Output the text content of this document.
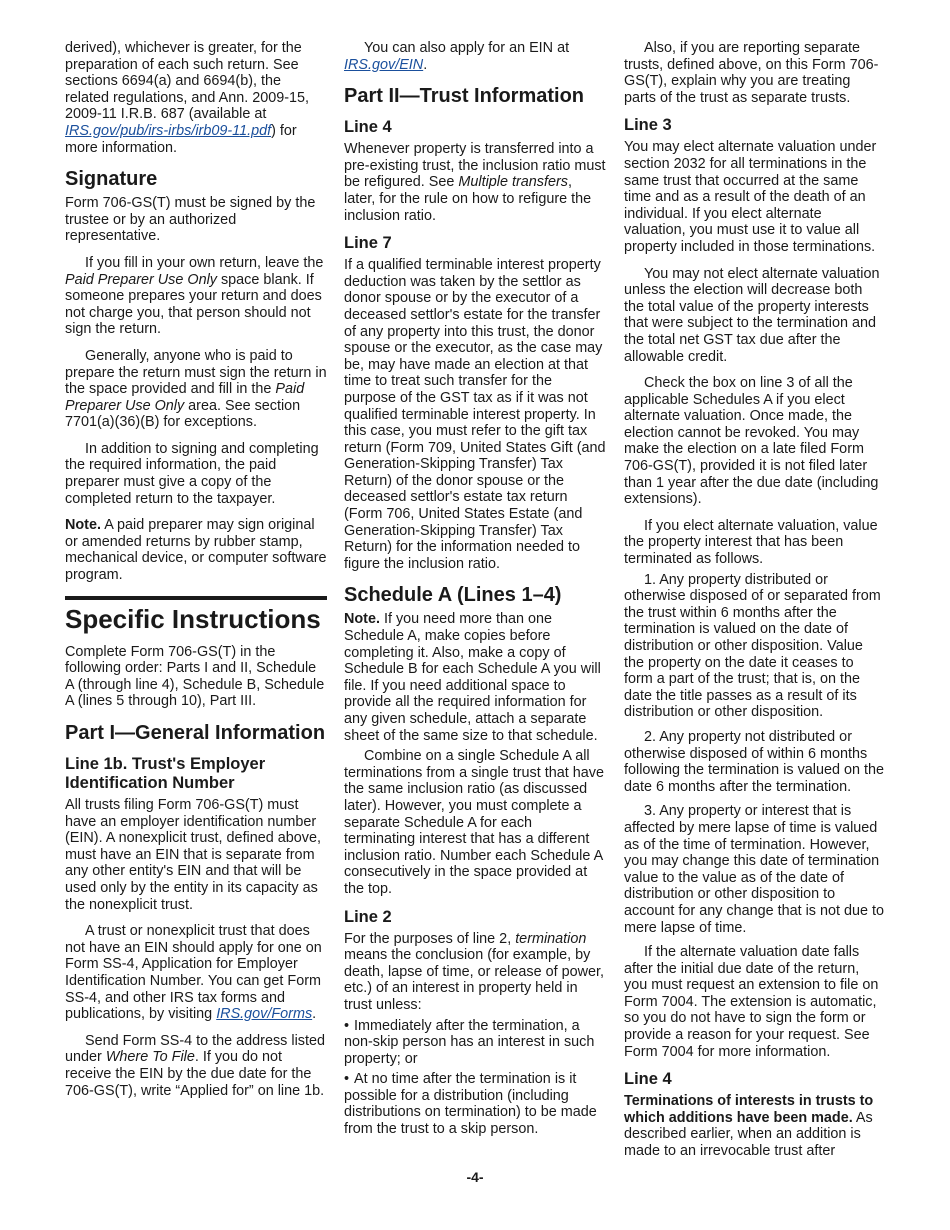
derived), whichever is greater, for the preparation of each such return. See sections 6694(a) and 6694(b), the related regulations, and Ann. 2009-15, 2009-11 I.R.B. 687 (available at IRS.gov/pub/irs-irbs/irb09-11.pdf) for more information.

Signature

Form 706-GS(T) must be signed by the trustee or by an authorized representative.

If you fill in your own return, leave the Paid Preparer Use Only space blank. If someone prepares your return and does not charge you, that person should not sign the return.

Generally, anyone who is paid to prepare the return must sign the return in the space provided and fill in the Paid Preparer Use Only area. See section 7701(a)(36)(B) for exceptions.

In addition to signing and completing the required information, the paid preparer must give a copy of the completed return to the taxpayer.

Note. A paid preparer may sign original or amended returns by rubber stamp, mechanical device, or computer software program.

Specific Instructions

Complete Form 706-GS(T) in the following order: Parts I and II, Schedule A (through line 4), Schedule B, Schedule A (lines 5 through 10), Part III.

Part I—General Information
Line 1b. Trust's Employer Identification Number

All trusts filing Form 706-GS(T) must have an employer identification number (EIN). A nonexplicit trust, defined above, must have an EIN that is separate from any other entity's EIN and that will be used only by the entity in its capacity as the nonexplicit trust.

A trust or nonexplicit trust that does not have an EIN should apply for one on Form SS-4, Application for Employer Identification Number. You can get Form SS-4, and other IRS tax forms and publications, by visiting IRS.gov/Forms.

Send Form SS-4 to the address listed under Where To File. If you do not receive the EIN by the due date for the 706-GS(T), write “Applied for” on line 1b.

You can also apply for an EIN at IRS.gov/EIN.

Part II—Trust Information
Line 4

Whenever property is transferred into a pre-existing trust, the inclusion ratio must be refigured. See Multiple transfers, later, for the rule on how to refigure the inclusion ratio.

Line 7

If a qualified terminable interest property deduction was taken by the settlor as donor spouse or by the executor of a deceased settlor's estate for the transfer of any property into this trust, the donor spouse or the executor, as the case may be, may have made an election at that time to treat such transfer for the purpose of the GST tax as if it was not qualified terminable interest property. In this case, you must refer to the gift tax return (Form 709, United States Gift (and Generation-Skipping Transfer) Tax Return) of the donor spouse or the deceased settlor's estate tax return (Form 706, United States Estate (and Generation-Skipping Transfer) Tax Return) for the information needed to figure the inclusion ratio.

Schedule A (Lines 1–4)

Note. If you need more than one Schedule A, make copies before completing it. Also, make a copy of Schedule B for each Schedule A you will file. If you need additional space to provide all the required information for any given schedule, attach a separate sheet of the same size to that schedule.

Combine on a single Schedule A all terminations from a single trust that have the same inclusion ratio (as discussed later). However, you must complete a separate Schedule A for each terminating interest that has a different inclusion ratio. Number each Schedule A consecutively in the space provided at the top.

Line 2

For the purposes of line 2, termination means the conclusion (for example, by death, lapse of time, or release of power, etc.) of an interest in property held in trust unless:

• Immediately after the termination, a non-skip person has an interest in such property; or

• At no time after the termination is it possible for a distribution (including distributions on termination) to be made from the trust to a skip person.

Also, if you are reporting separate trusts, defined above, on this Form 706-GS(T), explain why you are treating parts of the trust as separate trusts.

Line 3

You may elect alternate valuation under section 2032 for all terminations in the same trust that occurred at the same time and as a result of the death of an individual. If you elect alternate valuation, you must use it to value all property included in those terminations.

You may not elect alternate valuation unless the election will decrease both the total value of the property interests that were subject to the termination and the total net GST tax due after the allowable credit.

Check the box on line 3 of all the applicable Schedules A if you elect alternate valuation. Once made, the election cannot be revoked. You may make the election on a late filed Form 706-GS(T), provided it is not filed later than 1 year after the due date (including extensions).

If you elect alternate valuation, value the property interest that has been terminated as follows.

1. Any property distributed or otherwise disposed of or separated from the trust within 6 months after the termination is valued on the date of distribution or other disposition. Value the property on the date it ceases to form a part of the trust; that is, on the date the title passes as a result of its distribution or other disposition.

2. Any property not distributed or otherwise disposed of within 6 months following the termination is valued on the date 6 months after the termination.

3. Any property or interest that is affected by mere lapse of time is valued as of the time of termination. However, you may change this date of termination value to the value as of the date of distribution or other disposition to account for any change that is not due to mere lapse of time.

If the alternate valuation date falls after the initial due date of the return, you must request an extension to file on Form 7004. The extension is automatic, so you do not have to sign the form or provide a reason for your request. See Form 7004 for more information.

Line 4

Terminations of interests in trusts to which additions have been made. As described earlier, when an addition is made to an irrevocable trust after

-4-
